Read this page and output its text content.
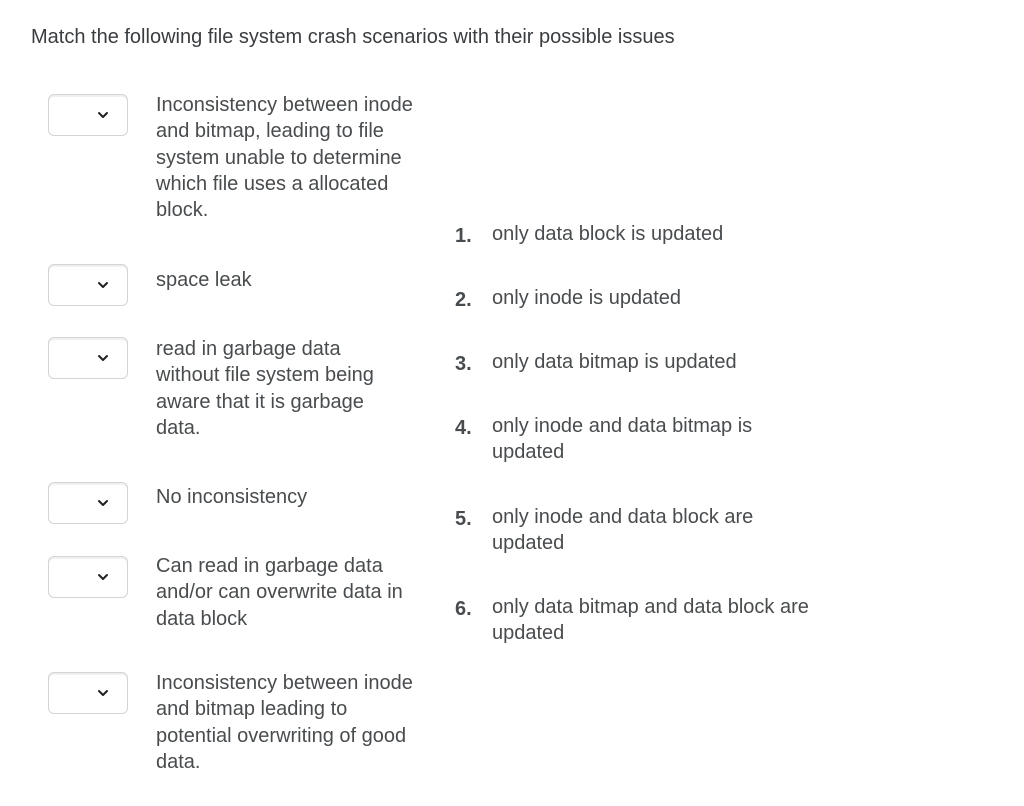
Match the following file system crash scenarios with their possible issues

Inconsistency between inode and bitmap, leading to file system unable to determine which file uses a allocated block.

space leak

read in garbage data without file system being aware that it is garbage data.

No inconsistency

Can read in garbage data and/or can overwrite data in data block

Inconsistency between inode and bitmap leading to potential overwriting of good data.

1. only data block is updated
2. only inode is updated
3. only data bitmap is updated
4. only inode and data bitmap is updated
5. only inode and data block are updated
6. only data bitmap and data block are updated
